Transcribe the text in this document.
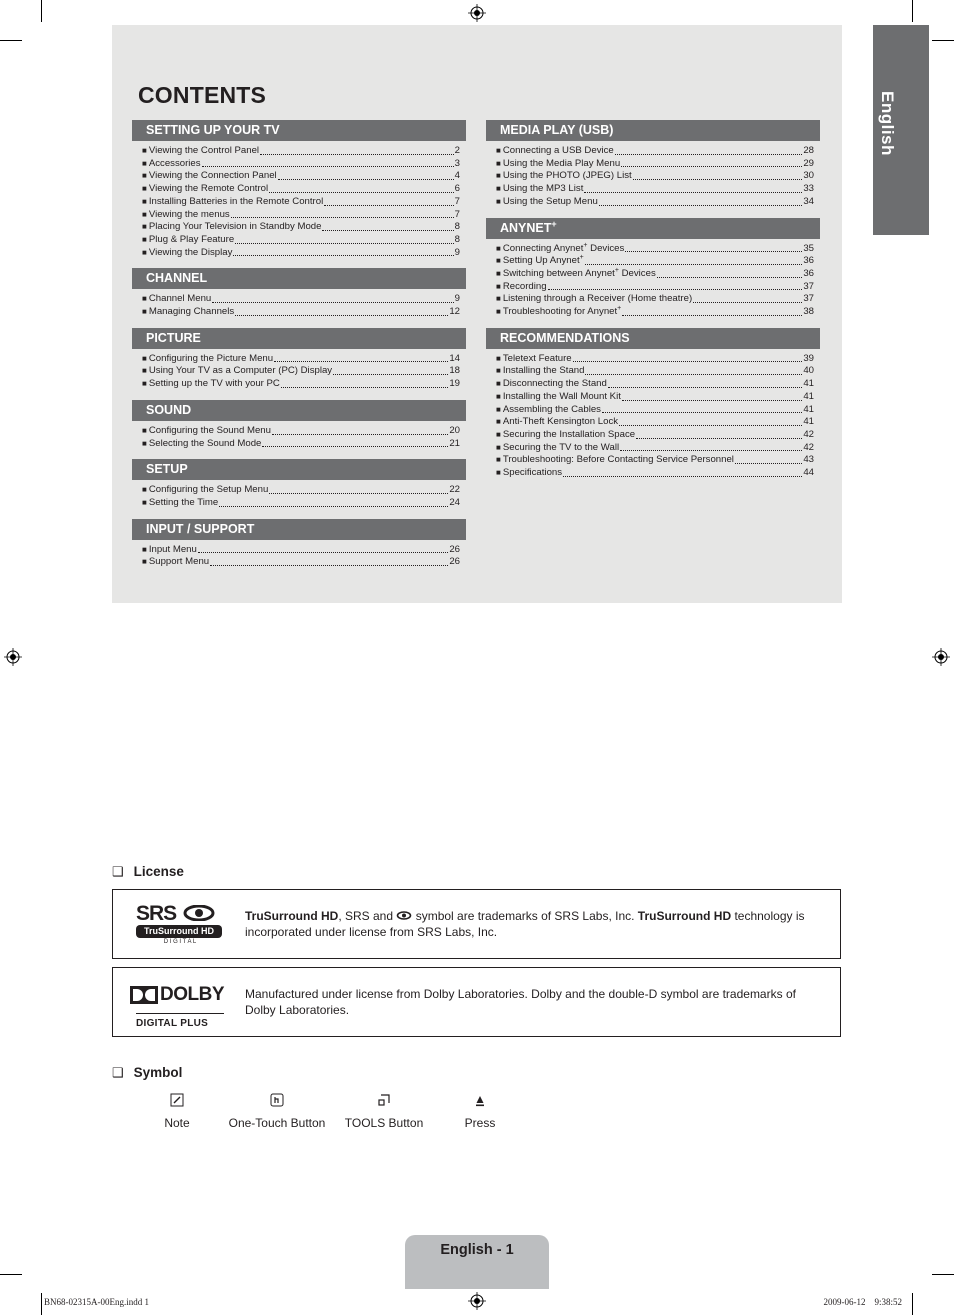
English
CONTENTS
SETTING UP YOUR TV
■ Viewing the Control Panel	2
■ Accessories	3
■ Viewing the Connection Panel	4
■ Viewing the Remote Control	6
■ Installing Batteries in the Remote Control	7
■ Viewing the menus	7
■ Placing Your Television in Standby Mode	8
■ Plug & Play Feature	8
■ Viewing the Display	9
CHANNEL
■ Channel Menu	9
■ Managing Channels	12
PICTURE
■ Configuring the Picture Menu	14
■ Using Your TV as a Computer (PC) Display	18
■ Setting up the TV with your PC	19
SOUND
■ Configuring the Sound Menu	20
■ Selecting the Sound Mode	21
SETUP
■ Configuring the Setup Menu	22
■ Setting the Time	24
INPUT / SUPPORT
■ Input Menu	26
■ Support Menu	26
MEDIA PLAY (USB)
■ Connecting a USB Device	28
■ Using the Media Play Menu	29
■ Using the PHOTO (JPEG) List	30
■ Using the MP3 List	33
■ Using the Setup Menu	34
ANYNET+
■ Connecting Anynet+ Devices	35
■ Setting Up Anynet+	36
■ Switching between Anynet+ Devices	36
■ Recording	37
■ Listening through a Receiver (Home theatre)	37
■ Troubleshooting for Anynet+	38
RECOMMENDATIONS
■ Teletext Feature	39
■ Installing the Stand	40
■ Disconnecting the Stand	41
■ Installing the Wall Mount Kit	41
■ Assembling the Cables	41
■ Anti-Theft Kensington Lock	41
■ Securing the Installation Space	42
■ Securing the TV to the Wall	42
■ Troubleshooting: Before Contacting Service Personnel	43
■ Specifications	44
❑ License
SRS
TruSurround HD
D I G I T A L
TruSurround HD, SRS and  symbol are trademarks of SRS Labs, Inc. TruSurround HD technology is incorporated under license from SRS Labs, Inc.
DOLBY
DIGITAL PLUS
Manufactured under license from Dolby Laboratories. Dolby and the double-D symbol are trademarks of Dolby Laboratories.
❑ Symbol
Note	One-Touch Button	TOOLS Button	Press
English - 1
BN68-02315A-00Eng.indd 1	2009-06-12    9:38:52
